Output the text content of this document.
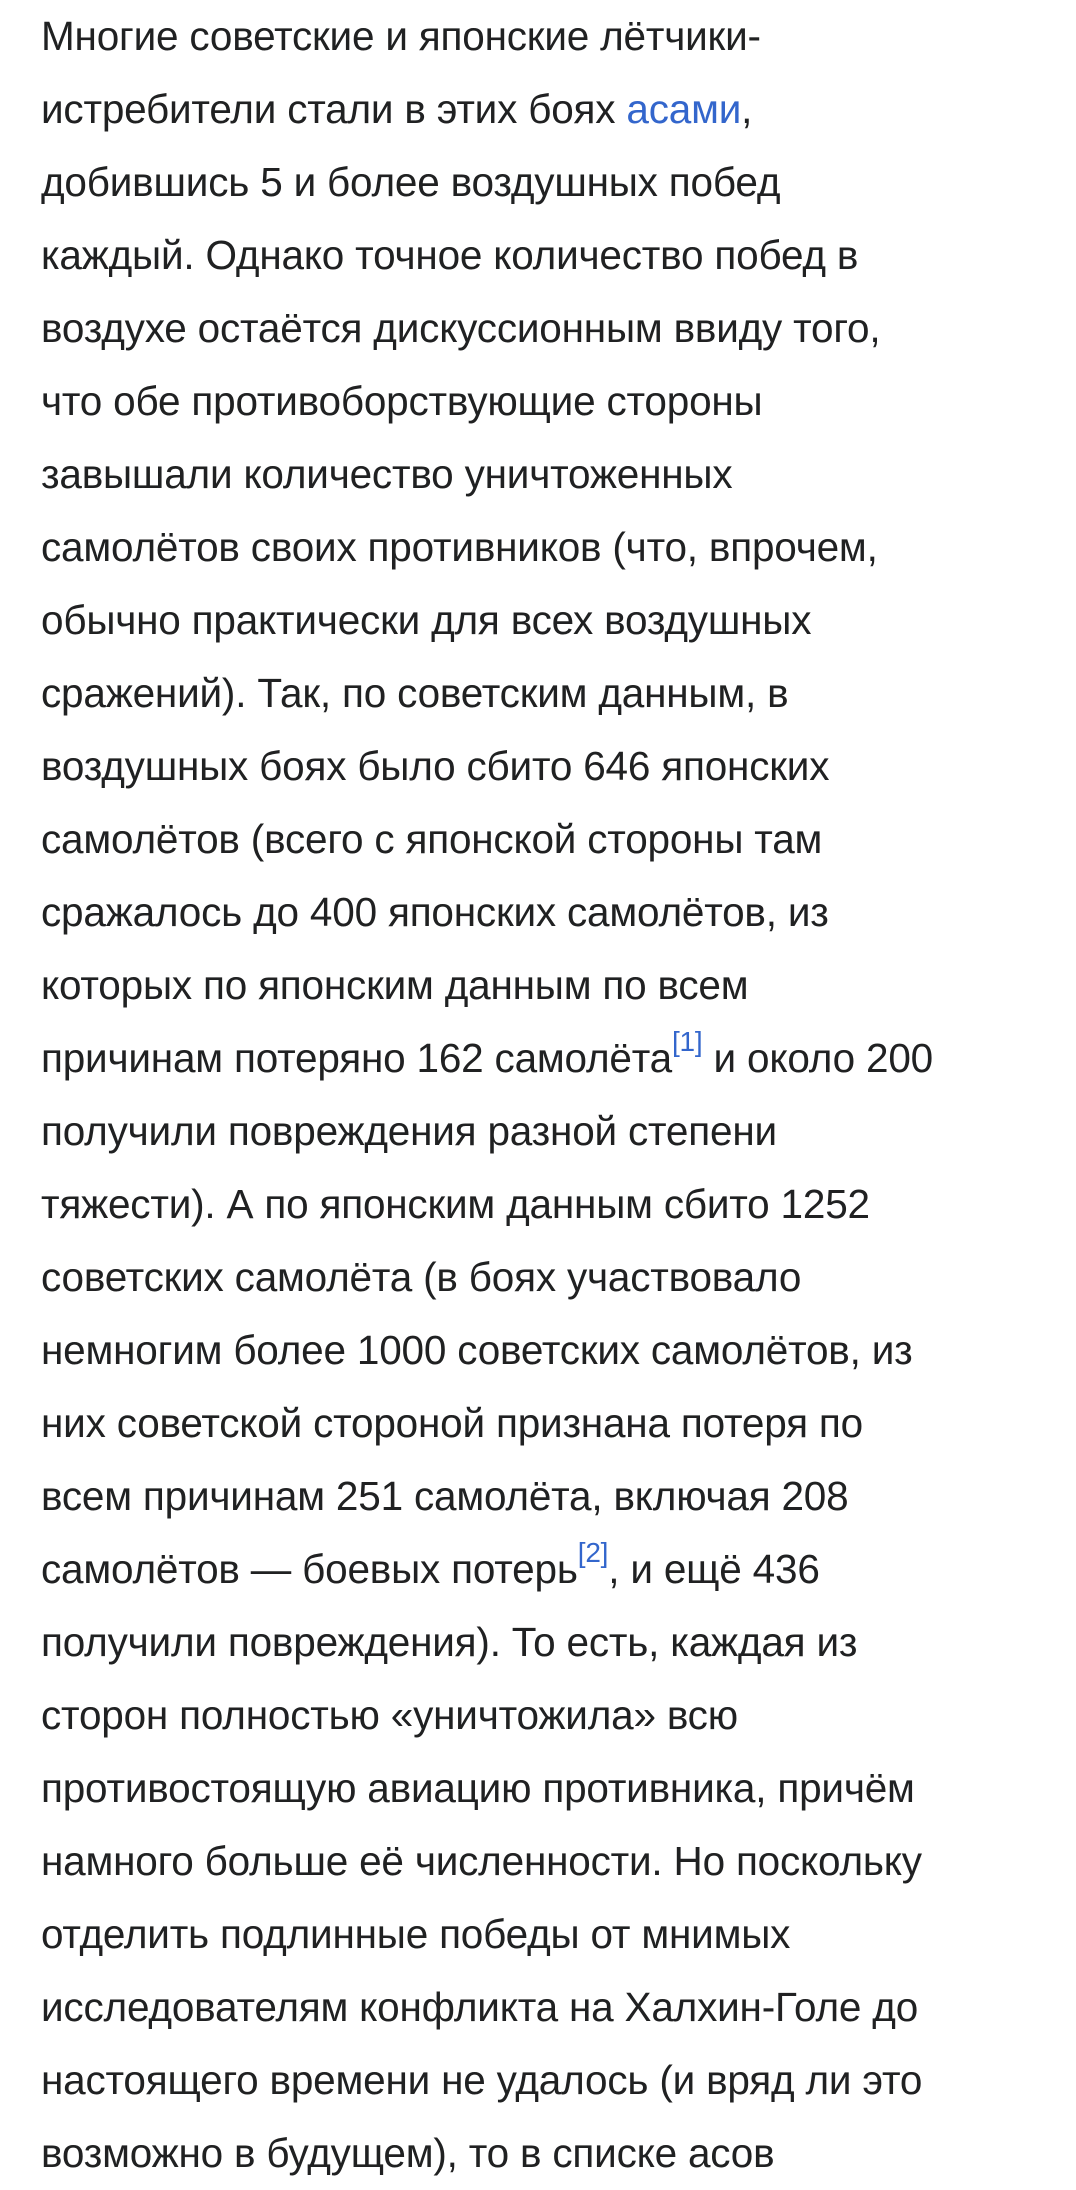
Многие советские и японские лётчики-
истребители стали в этих боях асами,
добившись 5 и более воздушных побед
каждый. Однако точное количество побед в
воздухе остаётся дискуссионным ввиду того,
что обе противоборствующие стороны
завышали количество уничтоженных
самолётов своих противников (что, впрочем,
обычно практически для всех воздушных
сражений). Так, по советским данным, в
воздушных боях было сбито 646 японских
самолётов (всего с японской стороны там
сражалось до 400 японских самолётов, из
которых по японским данным по всем
причинам потеряно 162 самолёта[1] и около 200
получили повреждения разной степени
тяжести). А по японским данным сбито 1252
советских самолёта (в боях участвовало
немногим более 1000 советских самолётов, из
них советской стороной признана потеря по
всем причинам 251 самолёта, включая 208
самолётов — боевых потерь[2], и ещё 436
получили повреждения). То есть, каждая из
сторон полностью «уничтожила» всю
противостоящую авиацию противника, причём
намного больше её численности. Но поскольку
отделить подлинные победы от мнимых
исследователям конфликта на Халхин-Голе до
настоящего времени не удалось (и вряд ли это
возможно в будущем), то в списке асов
